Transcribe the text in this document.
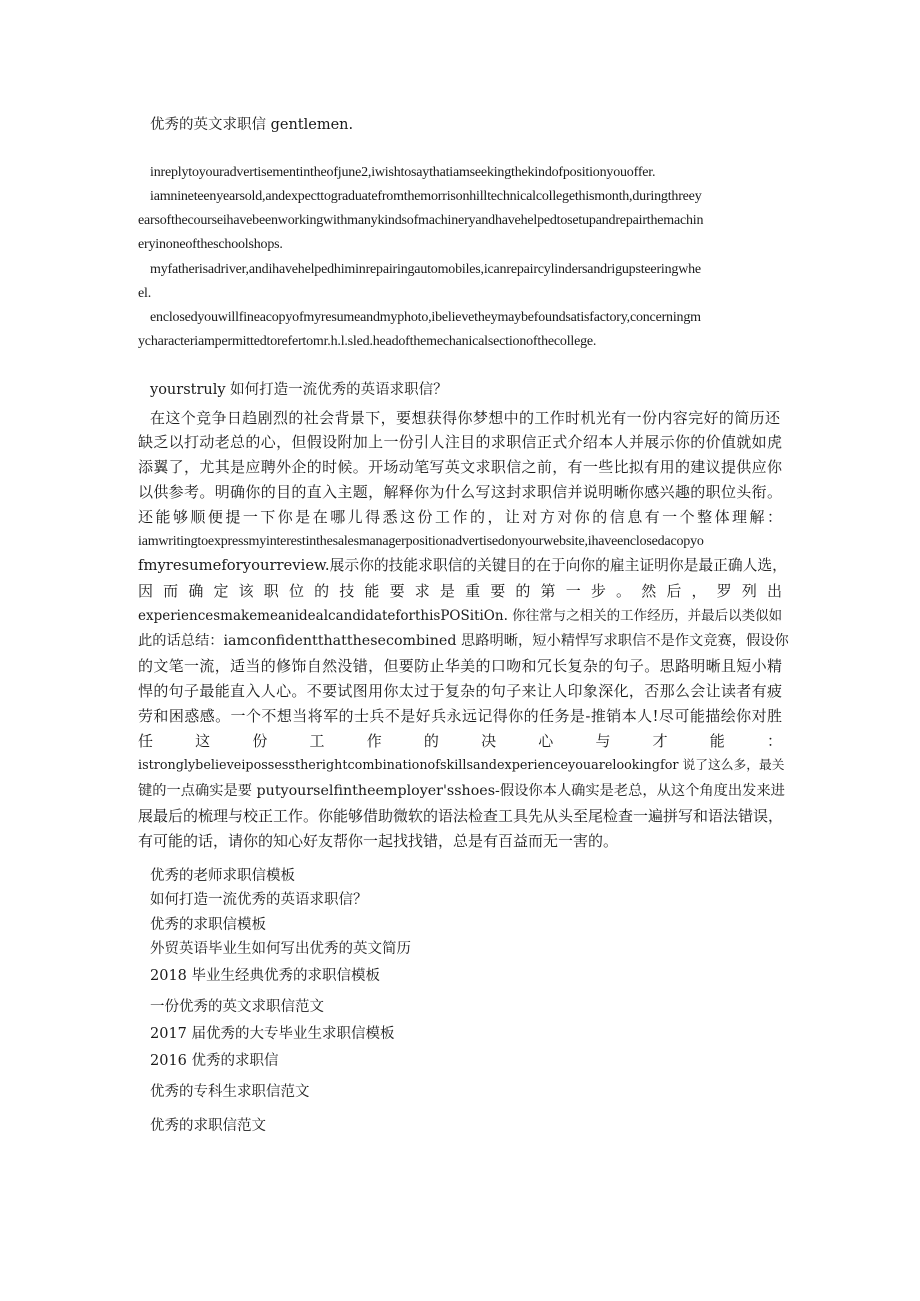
优秀的英文求职信 gentlemen.
inreplytoyouradvertisementintheofjune2,iwishtosaythatiamseekingthekindofpositionyouoffer.
iamnineteenyearsold,andexpecttograduatefromthemorrisonhilltechnicalcollegethismonth,duringthreey
earsofthecourseihavebeenworkingwithmanykindsofmachineryandhavehelpedtosetupandrepairthemachin
eryinoneoftheschoolshops.
myfatherisadriver,andihavehelpedhiminrepairingautomobiles,icanrepaircylindersandrigupsteeringwhe
el.
enclosedyouwillfineacopyofmyresumeandmyphoto,ibelievetheymaybefoundsatisfactory,concerningm
ycharacteriampermittedtorefertomr.h.l.sled.headofthemechanicalsectionofthecollege.
yourstruly 如何打造一流优秀的英语求职信？
在这个竞争日趋剧烈的社会背景下，要想获得你梦想中的工作时机光有一份内容完好的简历还
缺乏以打动老总的心，但假设附加上一份引人注目的求职信正式介绍本人并展示你的价值就如虎
添翼了，尤其是应聘外企的时候。开场动笔写英文求职信之前，有一些比拟有用的建议提供应你
以供参考。明确你的目的直入主题，解释你为什么写这封求职信并说明晰你感兴趣的职位头衔。
还能够顺便提一下你是在哪儿得悉这份工作的，让对方对你的信息有一个整体理解：
iamwritingtoexpressmyinterestinthesalesmanagerpositionadvertisedonyourwebsite,ihaveenclosedacopyo
fmyresumeforyourreview.展示你的技能求职信的关键目的在于向你的雇主证明你是最正确人选，
因而确定该职位的技能要求是重要的第一步。然后，罗列出
experiencesmakemeanidealcandidateforthisPOSitiOn. 你往常与之相关的工作经历，并最后以类似如
此的话总结：iamconfidentthatthesecombined 思路明晰，短小精悍写求职信不是作文竞赛，假设你
的文笔一流，适当的修饰自然没错，但要防止华美的口吻和冗长复杂的句子。思路明晰且短小精
悍的句子最能直入人心。不要试图用你太过于复杂的句子来让人印象深化，否那么会让读者有疲
劳和困惑感。一个不想当将军的士兵不是好兵永远记得你的任务是-推销本人!尽可能描绘你对胜
任这份工作的决心与才能：
istronglybelieveipossesstherightcombinationofskillsandexperienceyouarelookingfor 说了这么多，最关
键的一点确实是要 putyourselfintheemployer'sshoes-假设你本人确实是老总，从这个角度出发来进
展最后的梳理与校正工作。你能够借助微软的语法检查工具先从头至尾检查一遍拼写和语法错误，
有可能的话，请你的知心好友帮你一起找找错，总是有百益而无一害的。
优秀的老师求职信模板
如何打造一流优秀的英语求职信？
优秀的求职信模板
外贸英语毕业生如何写出优秀的英文简历
2018 毕业生经典优秀的求职信模板
一份优秀的英文求职信范文
2017 届优秀的大专毕业生求职信模板
2016 优秀的求职信
优秀的专科生求职信范文
优秀的求职信范文
